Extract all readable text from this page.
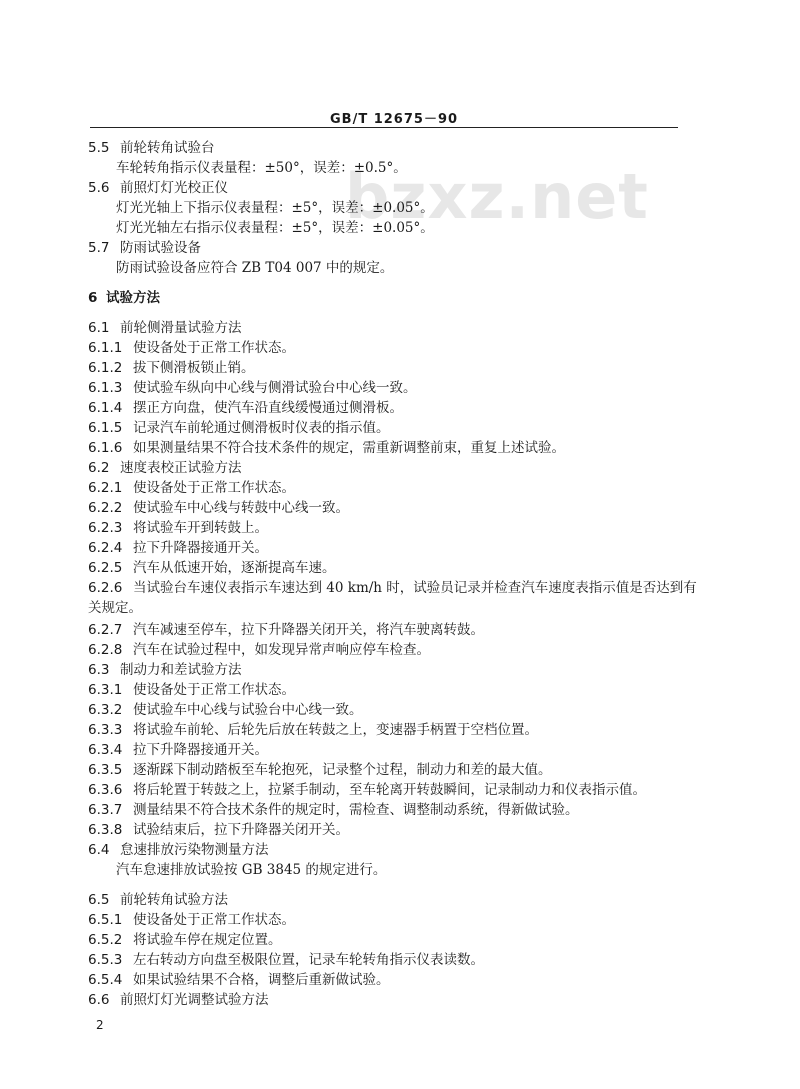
GB/T 12675－90
bzxz.net
5.5 前轮转角试验台
车轮转角指示仪表量程：±50°，误差：±0.5°。
5.6 前照灯灯光校正仪
灯光光轴上下指示仪表量程：±5°，误差：±0.05°。
灯光光轴左右指示仪表量程：±5°，误差：±0.05°。
5.7 防雨试验设备
防雨试验设备应符合 ZB T04 007 中的规定。
6 试验方法
6.1 前轮侧滑量试验方法
6.1.1 使设备处于正常工作状态。
6.1.2 拔下侧滑板锁止销。
6.1.3 使试验车纵向中心线与侧滑试验台中心线一致。
6.1.4 摆正方向盘，使汽车沿直线缓慢通过侧滑板。
6.1.5 记录汽车前轮通过侧滑板时仪表的指示值。
6.1.6 如果测量结果不符合技术条件的规定，需重新调整前束，重复上述试验。
6.2 速度表校正试验方法
6.2.1 使设备处于正常工作状态。
6.2.2 使试验车中心线与转鼓中心线一致。
6.2.3 将试验车开到转鼓上。
6.2.4 拉下升降器接通开关。
6.2.5 汽车从低速开始，逐渐提高车速。
6.2.6 当试验台车速仪表指示车速达到 40 km/h 时，试验员记录并检查汽车速度表指示值是否达到有
关规定。
6.2.7 汽车减速至停车，拉下升降器关闭开关，将汽车驶离转鼓。
6.2.8 汽车在试验过程中，如发现异常声响应停车检查。
6.3 制动力和差试验方法
6.3.1 使设备处于正常工作状态。
6.3.2 使试验车中心线与试验台中心线一致。
6.3.3 将试验车前轮、后轮先后放在转鼓之上，变速器手柄置于空档位置。
6.3.4 拉下升降器接通开关。
6.3.5 逐渐踩下制动踏板至车轮抱死，记录整个过程，制动力和差的最大值。
6.3.6 将后轮置于转鼓之上，拉紧手制动，至车轮离开转鼓瞬间，记录制动力和仪表指示值。
6.3.7 测量结果不符合技术条件的规定时，需检查、调整制动系统，得新做试验。
6.3.8 试验结束后，拉下升降器关闭开关。
6.4 怠速排放污染物测量方法
汽车怠速排放试验按 GB 3845 的规定进行。
6.5 前轮转角试验方法
6.5.1 使设备处于正常工作状态。
6.5.2 将试验车停在规定位置。
6.5.3 左右转动方向盘至极限位置，记录车轮转角指示仪表读数。
6.5.4 如果试验结果不合格，调整后重新做试验。
6.6 前照灯灯光调整试验方法
2
